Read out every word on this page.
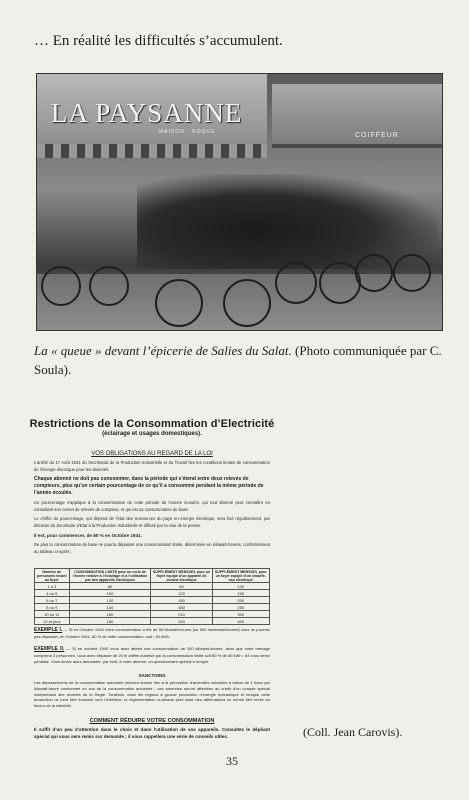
… En réalité les difficultés s’accumulent.
LA PAYSANNE
MAISON · ROQUE	COIFFEUR
La « queue » devant l’épicerie de Salies du Salat. (Photo communiquée par C. Soula).
Restrictions de la Consommation d’Electricité
(éclairage et usages domestiques).
VOS OBLIGATIONS AU REGARD DE LA LOI
L’arrêté du 17 Août 1941 du Secrétariat de la Production Industrielle et du Travail fixe les conditions limites de consommation de l’énergie électrique pour les abonnés.
Chaque abonné ne doit pas consommer, dans la période qui s’étend entre deux relevés de compteurs, plus qu’un certain pourcentage de ce qu’il a consommé pendant la même période de l’année écoulée.
Ce pourcentage s’applique à la consommation de cette période de l’année écoulée, qui tout abonné peut connaître en consultant son carnet de relevés de compteur, et qui est sa consommation de base.
Le chiffre du pourcentage, qui dépend de l’état des ressources du pays en énergie électrique, sera fixé régulièrement, par décision du Secrétaire d’Etat à la Production Industrielle et diffusé par la voie de la presse.
Il est, pour commencer, de 80 % en Octobre 1941.
De plus la consommation de base ne pourra dépasser une consommation limite, déterminée en kilowatt-heures, conformément au tableau ci-après :
Nombre de personnes vivant au foyer	CONSOMMATION LIMITE pour un mois de l’année relative à l’éclairage et à l’utilisation par des appareils électriques	SUPPLÉMENT MENSUEL pour un foyer équipé d’un appareil de cuisine électrique	SUPPLÉMENT MENSUEL pour un foyer équipé d’un chauffe-eau électrique
1 à 3	80	90	120
4 ou 5	100	120	150
6 ou 7	120	150	200
8 ou 9	140	180	250
10 ou 11	160	210	300
12 et plus	180	240	400
EXEMPLE I. — Si en Octobre 1940 votre consommation a été de 50 kilowatt-heures (ou 500 hectowatt-heures) vous ne pourrez pas dépasser, en Octobre 1941, 80 % de cette consommation, soit : 40 kWh.
EXEMPLE II. — Si en octobre 1940 vous avez atteint une consommation de 100 kilowatt-heures, alors que votre ménage comprend 3 personnes, vous avez dépassé de 20 le chiffre autorisé par la consommation limite soit 80 % de 80 kWh ; 64 vous serez pénalisé. Vous devez alors demander, par écrit, à votre abonné, un questionnaire spécial à remplir.
SANCTIONS
Les dépassements de la consommation autorisée peuvent donner lieu à la perception d’amendes calculées à raison de 1 franc par kilowatt-heure consommé en sus de la consommation autorisée ; ces amendes seront affectées au crédit d’un compte spécial indépendant des recettes de la Régie. Toutefois, dans les régions à grosse production d’énergie hydraulique et lorsque cette production ne peut être évacuée vers l’extérieur, la réglementation ci-dessus peut subir des atténuations ou même être levée en faveur de la clientèle.
COMMENT RÉDUIRE VOTRE CONSOMMATION
Il suffit d’un peu d’attention dans le choix et dans l’utilisation de vos appareils. Consultez le dépliant spécial qui vous sera remis sur demande ; il vous rappellera une série de conseils utiles.	(Coll. Jean Carovis).
35
